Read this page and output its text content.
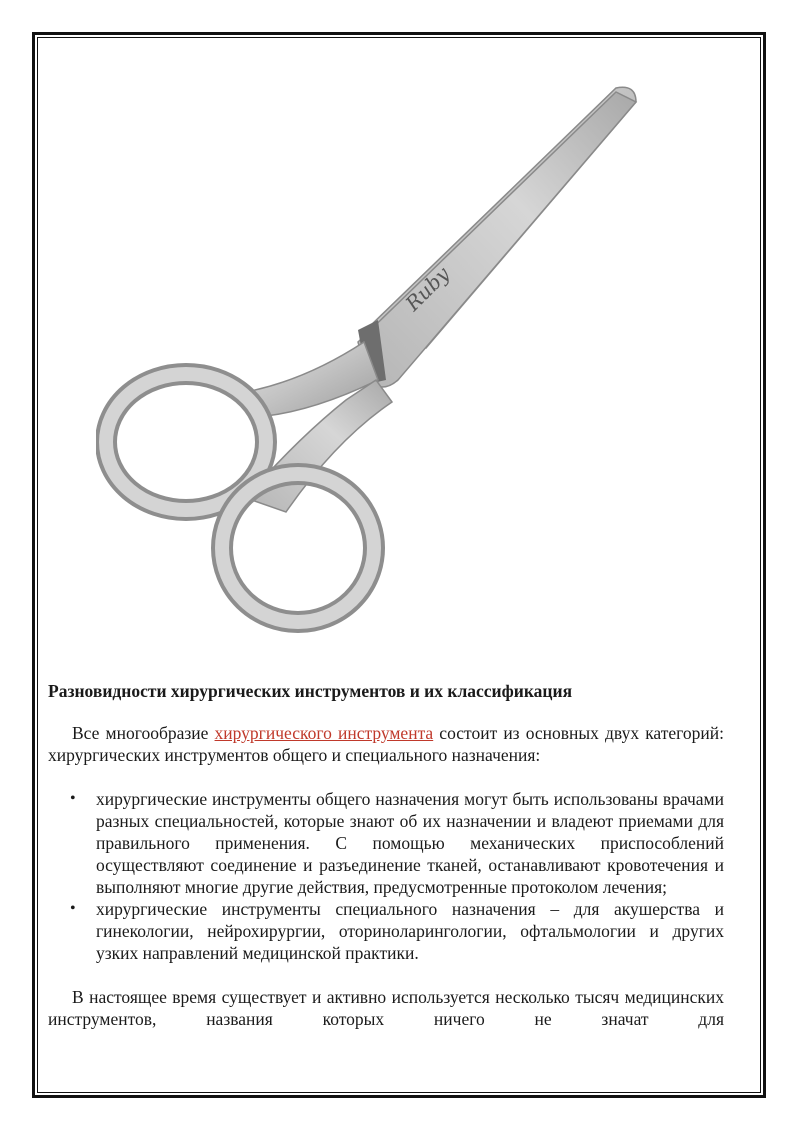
Ruby
Разновидности хирургических инструментов и их классификация

Все многообразие хирургического инструмента состоит из основных двух категорий: хирургических инструментов общего и специального назначения:

• хирургические инструменты общего назначения могут быть использованы врачами разных специальностей, которые знают об их назначении и владеют приемами для правильного применения. С помощью механических приспособлений осуществляют соединение и разъединение тканей, останавливают кровотечения и выполняют многие другие действия, предусмотренные протоколом лечения;
• хирургические инструменты специального назначения – для акушерства и гинекологии, нейрохирургии, оториноларингологии, офтальмологии и других узких направлений медицинской практики.

В настоящее время существует и активно используется несколько тысяч медицинских инструментов, названия которых ничего не значат для
